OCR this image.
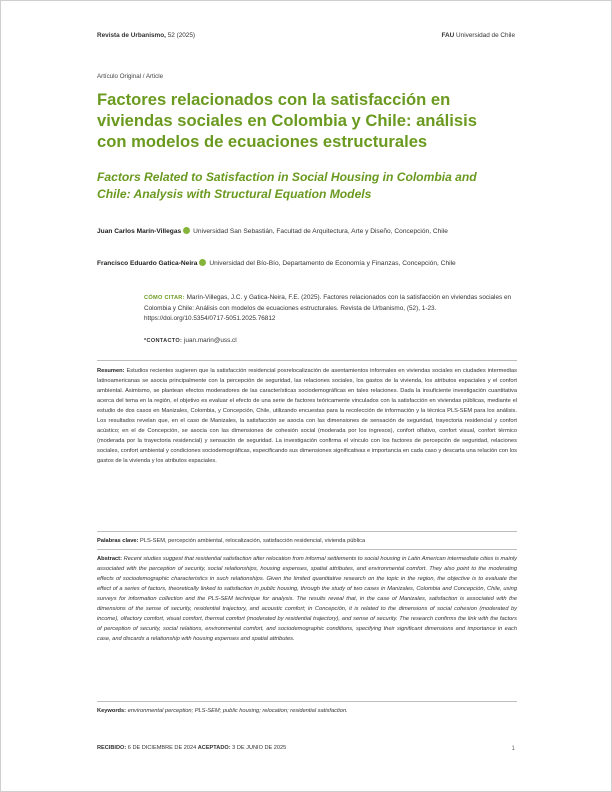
Revista de Urbanismo, 52 (2025)	FAU Universidad de Chile
Artículo Original / Article
Factores relacionados con la satisfacción en viviendas sociales en Colombia y Chile: análisis con modelos de ecuaciones estructurales
Factors Related to Satisfaction in Social Housing in Colombia and Chile: Analysis with Structural Equation Models
Juan Carlos Marín-Villegas Universidad San Sebastián, Facultad de Arquitectura, Arte y Diseño, Concepción, Chile
Francisco Eduardo Gatica-Neira Universidad del Bío-Bío, Departamento de Economía y Finanzas, Concepción, Chile
CÓMO CITAR: Marín-Villegas, J.C. y Gatica-Neira, F.E. (2025). Factores relacionados con la satisfacción en viviendas sociales en Colombia y Chile: Análisis con modelos de ecuaciones estructurales. Revista de Urbanismo, (52), 1-23. https://doi.org/10.5354/0717-5051.2025.76812
*CONTACTO: juan.marin@uss.cl
Resumen: Estudios recientes sugieren que la satisfacción residencial posrelocalización de asentamientos informales en viviendas sociales en ciudades intermedias latinoamericanas se asocia principalmente con la percepción de seguridad, las relaciones sociales, los gastos de la vivienda, los atributos espaciales y el confort ambiental. Asimismo, se plantean efectos moderadores de las características sociodemográficas en tales relaciones. Dada la insuficiente investigación cuantitativa acerca del tema en la región, el objetivo es evaluar el efecto de una serie de factores teóricamente vinculados con la satisfacción en viviendas públicas, mediante el estudio de dos casos en Manizales, Colombia, y Concepción, Chile, utilizando encuestas para la recolección de información y la técnica PLS-SEM para los análisis. Los resultados revelan que, en el caso de Manizales, la satisfacción se asocia con las dimensiones de sensación de seguridad, trayectoria residencial y confort acústico; en el de Concepción, se asocia con las dimensiones de cohesión social (moderada por los ingresos), confort olfativo, confort visual, confort térmico (moderada por la trayectoria residencial) y sensación de seguridad. La investigación confirma el vínculo con los factores de percepción de seguridad, relaciones sociales, confort ambiental y condiciones sociodemográficas, especificando sus dimensiones significativas e importancia en cada caso y descarta una relación con los gastos de la vivienda y los atributos espaciales.
Palabras clave: PLS-SEM, percepción ambiental, relocalización, satisfacción residencial, vivienda pública
Abstract: Recent studies suggest that residential satisfaction after relocation from informal settlements to social housing in Latin American intermediate cities is mainly associated with the perception of security, social relationships, housing expenses, spatial attributes, and environmental comfort. They also point to the moderating effects of sociodemographic characteristics in such relationships. Given the limited quantitative research on the topic in the region, the objective is to evaluate the effect of a series of factors, theoretically linked to satisfaction in public housing, through the study of two cases in Manizales, Colombia and Concepción, Chile, using surveys for information collection and the PLS-SEM technique for analysis. The results reveal that, in the case of Manizales, satisfaction is associated with the dimensions of the sense of security, residential trajectory, and acoustic comfort; in Concepción, it is related to the dimensions of social cohesion (moderated by income), olfactory comfort, visual comfort, thermal comfort (moderated by residential trajectory), and sense of security. The research confirms the link with the factors of perception of security, social relations, environmental comfort, and sociodemographic conditions, specifying their significant dimensions and importance in each case, and discards a relationship with housing expenses and spatial attributes.
Keywords: environmental perception; PLS-SEM; public housing; relocation; residential satisfaction.
RECIBIDO: 6 DE DICIEMBRE DE 2024 ACEPTADO: 3 DE JUNIO DE 2025	1
